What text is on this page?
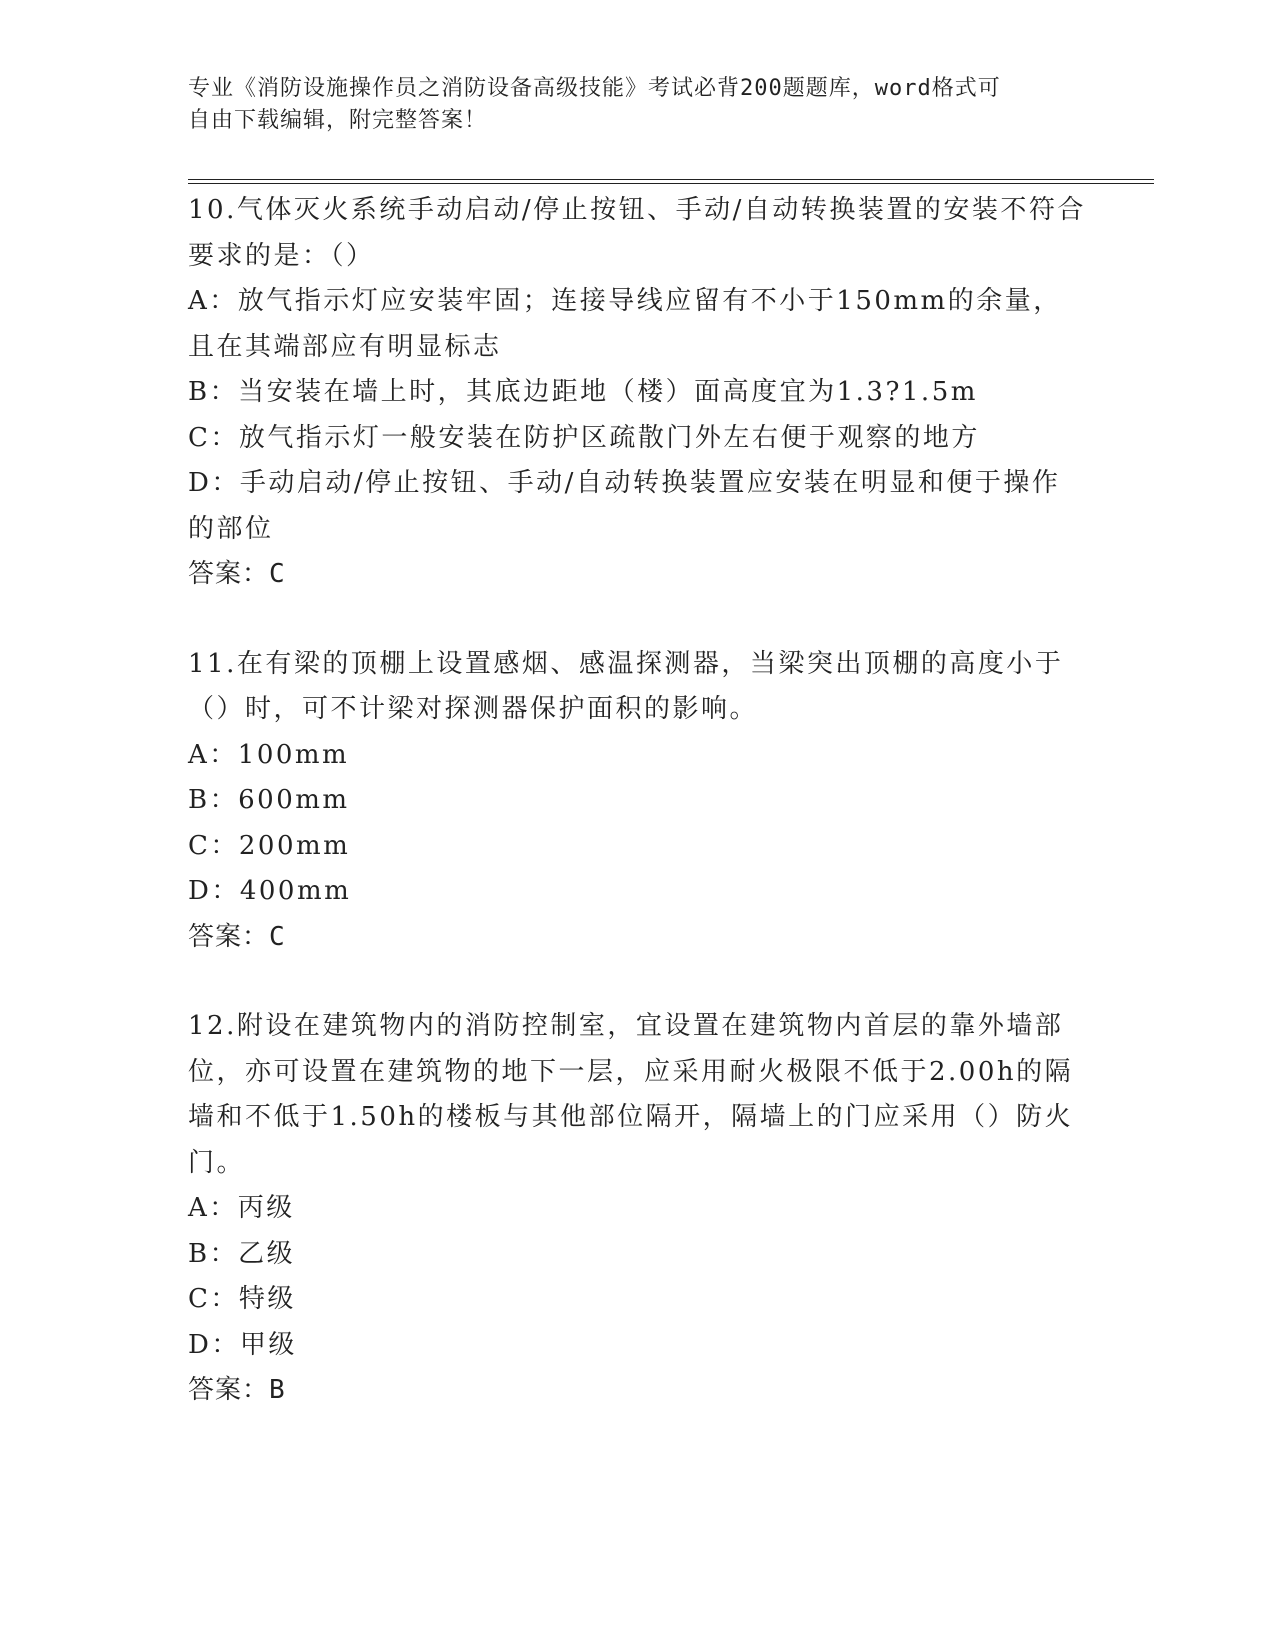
专业《消防设施操作员之消防设备高级技能》考试必背200题题库，word格式可
自由下载编辑，附完整答案！
10.气体灭火系统手动启动/停止按钮、手动/自动转换装置的安装不符合要求的是：（）
A：放气指示灯应安装牢固；连接导线应留有不小于150mm的余量，且在其端部应有明显标志
B：当安装在墙上时，其底边距地（楼）面高度宜为1.3?1.5m
C：放气指示灯一般安装在防护区疏散门外左右便于观察的地方
D：手动启动/停止按钮、手动/自动转换装置应安装在明显和便于操作的部位
答案：C
11.在有梁的顶棚上设置感烟、感温探测器，当梁突出顶棚的高度小于（）时，可不计梁对探测器保护面积的影响。
A：100mm
B：600mm
C：200mm
D：400mm
答案：C
12.附设在建筑物内的消防控制室，宜设置在建筑物内首层的靠外墙部位，亦可设置在建筑物的地下一层，应采用耐火极限不低于2.00h的隔墙和不低于1.50h的楼板与其他部位隔开，隔墙上的门应采用（）防火门。
A：丙级
B：乙级
C：特级
D：甲级
答案：B
